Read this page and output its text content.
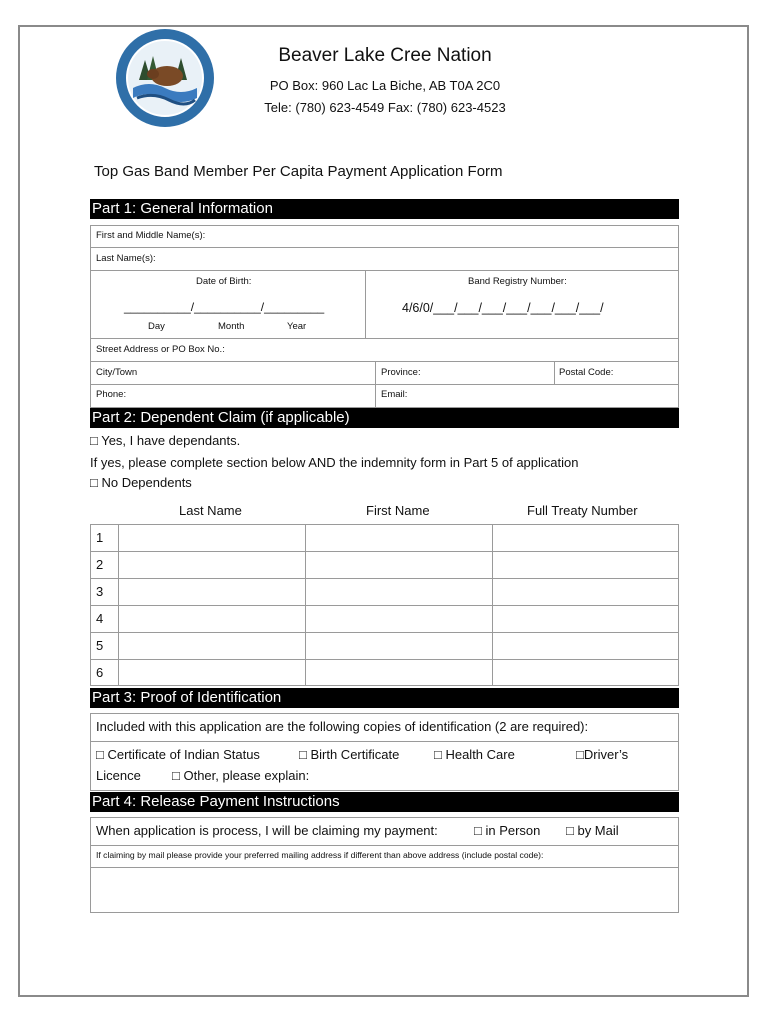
Beaver Lake Cree Nation
PO Box: 960 Lac La Biche, AB T0A 2C0
Tele: (780) 623-4549 Fax: (780) 623-4523
Top Gas Band Member Per Capita Payment Application Form
Part 1: General Information
First and Middle Name(s):
Last Name(s):
Date of Birth:
__________/__________/_________
Day	Month	Year
Band Registry Number:
4/6/0/___/___/___/___/___/___/___/
Street Address or PO Box No.:
City/Town	Province:	Postal Code:
Phone:	Email:
Part 2: Dependent Claim (if applicable)
□ Yes, I have dependants.
If yes, please complete section below AND the indemnity form in Part 5 of application
□ No Dependents
Last Name	First Name	Full Treaty Number
1
2
3
4
5
6
Part 3: Proof of Identification
Included with this application are the following copies of identification (2 are required):
□ Certificate of Indian Status	□ Birth Certificate	□ Health Care	□Driver’s
Licence □ Other, please explain:
Part 4: Release Payment Instructions
When application is process, I will be claiming my payment:	□ in Person □ by Mail
If claiming by mail please provide your preferred mailing address if different than above address (include postal code):
